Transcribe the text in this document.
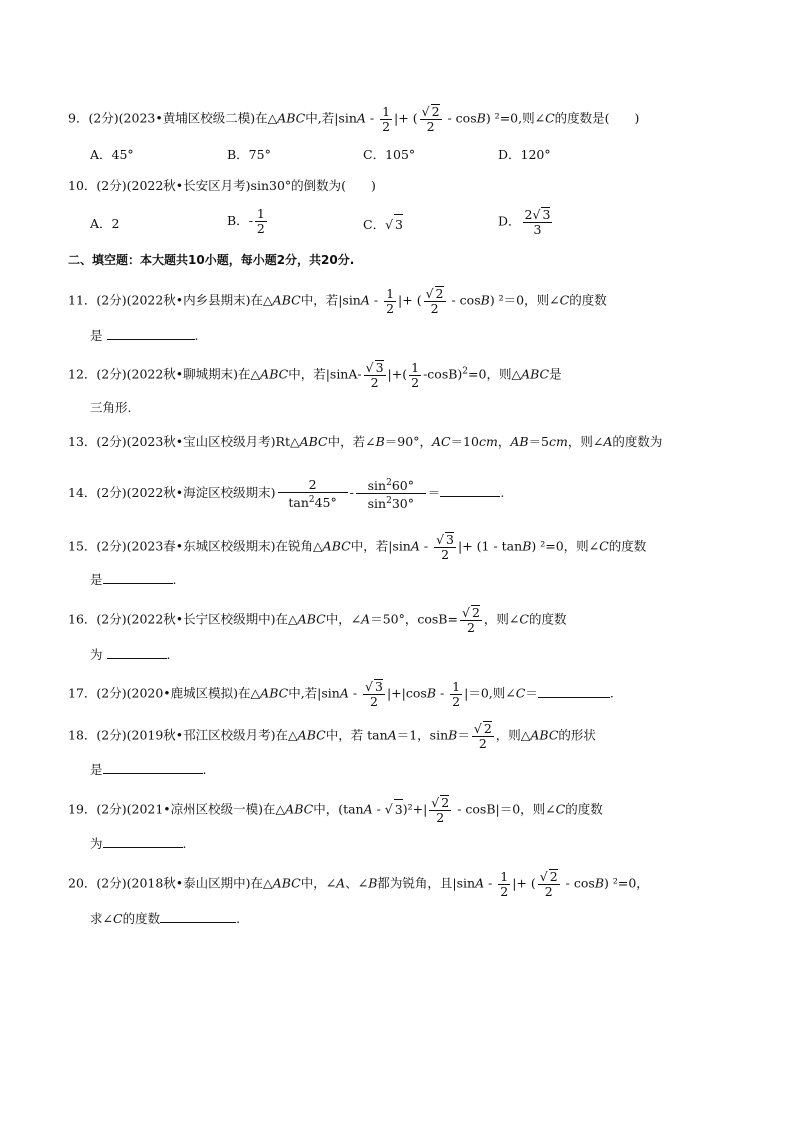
9．(2分)(2023•黄埔区校级二模)在△ABC中,若$|\sin A - \frac{1}{2}$ |+ ( $\frac{√ 2}{2} - \cos B$) ²=0,则∠C的度数是(　　)
A．45°	B．75°	C．105°	D．120°
10．(2分)(2022秋•长安区月考)sin30°的倒数为(　　)
A．2	B．- $\frac{1}{2}$	C．√ 3	D． $\frac{2√ 3}{3}$
二、填空题：本大题共10小题，每小题2分，共20分.
11．(2分)(2022秋•内乡县期末)在△ABC中，若$|\sin A - \frac{1}{2}$ |+ ( $\frac{√ 2}{2} - \cos B$) ²＝0，则∠C的度数
是	.
12．(2分)(2022秋•聊城期末)在△ABC中，若$|\sin A- \frac{√ 3}{2}$ |+( $\frac{1}{2} -\cos B)^2=0$，则△ABC是
三角形.
13．(2分)(2023秋•宝山区校级月考)Rt△ABC中，若∠B＝90°，AC＝10cm，AB＝5cm，则∠A的度数为
14．(2分)(2022秋•海淀区校级期末) $\frac{2}{\tan^245^\circ} - \frac{\sin^260^\circ}{\sin^230^\circ}$ ＝	.
15．(2分)(2023春•东城区校级期末)在锐角△ABC中，若$|\sin A - \frac{√ 3}{2}$ |+ (1 - tanB) ²=0，则∠C的度数
是	.
16．(2分)(2022秋•长宁区校级期中)在△ABC中，∠A＝50°，$\cos B= \frac{√ 2}{2}$ ，则∠C的度数
为	.
17．(2分)(2020•鹿城区模拟)在△ABC中,若$|\sin A - \frac{√ 3}{2} |+|\cos B - \frac{1}{2} |=0$,则∠C＝	.
18．(2分)(2019秋•邗江区校级月考)在△ABC中，若 tanA＝1，$\sin B= \frac{√ 2}{2}$ ，则△ABC的形状
是	.
19．(2分)(2021•凉州区校级一模)在△ABC中，(tanA - √ $3)^2+| \frac{√ 2}{2} - \cos B|=0$，则∠C的度数
为	.
20．(2分)(2018秋•泰山区期中)在△ABC中，∠A、∠B都为锐角，且$|\sin A - \frac{1}{2}$ |+ ( $\frac{√ 2}{2} - \cos B$) ²=0，
求∠C的度数	.
